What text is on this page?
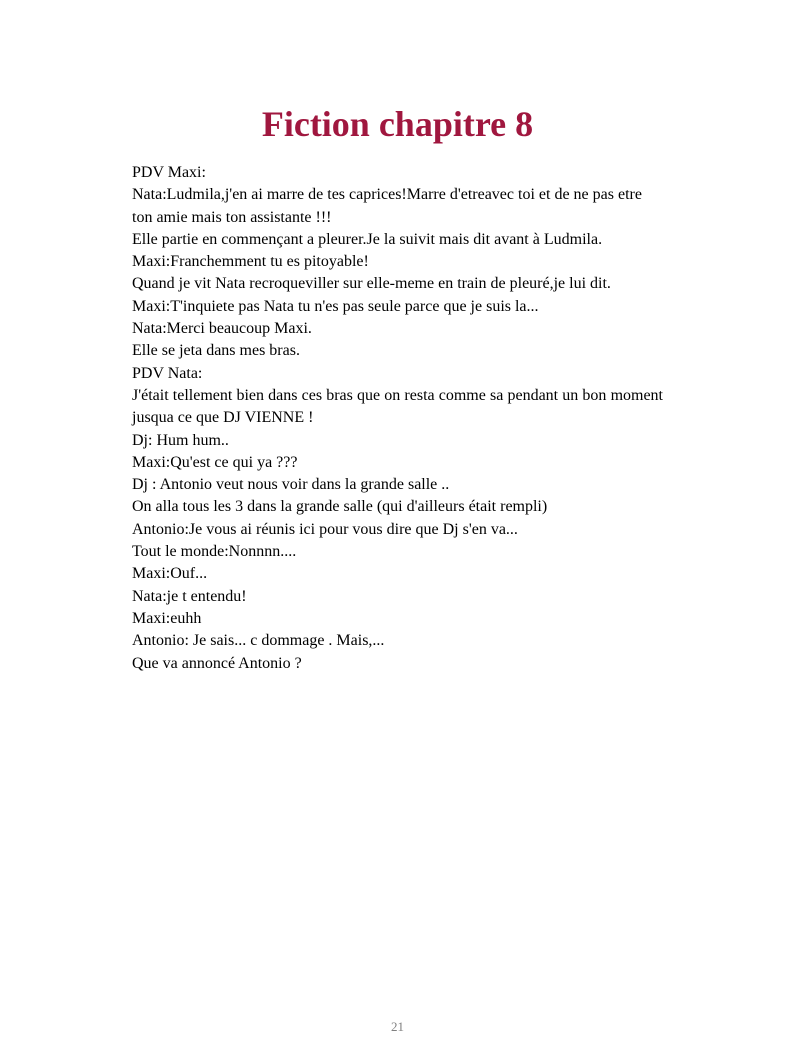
Fiction chapitre 8
PDV Maxi:
Nata:Ludmila,j'en ai marre de tes caprices!Marre d'etreavec toi et de ne pas etre ton amie mais ton assistante !!!
Elle partie en commençant a pleurer.Je la suivit mais dit avant à Ludmila.
Maxi:Franchemment tu es pitoyable!
Quand je vit Nata recroqueviller sur elle-meme en train de pleuré,je lui dit.
Maxi:T'inquiete pas Nata tu n'es pas seule parce que je suis la...
Nata:Merci beaucoup Maxi.
Elle se jeta dans mes bras.
PDV Nata:
J'était tellement bien dans ces bras que on resta comme sa pendant un bon moment jusqua ce que DJ VIENNE !
Dj: Hum hum..
Maxi:Qu'est ce qui ya ???
Dj : Antonio veut nous voir dans la grande salle ..
On alla tous les 3 dans la grande salle (qui d'ailleurs était rempli)
Antonio:Je vous ai réunis ici pour vous dire que Dj s'en va...
Tout le monde:Nonnnn....
Maxi:Ouf...
Nata:je t entendu!
Maxi:euhh
Antonio: Je sais... c dommage . Mais,...
Que va annoncé Antonio ?
21
